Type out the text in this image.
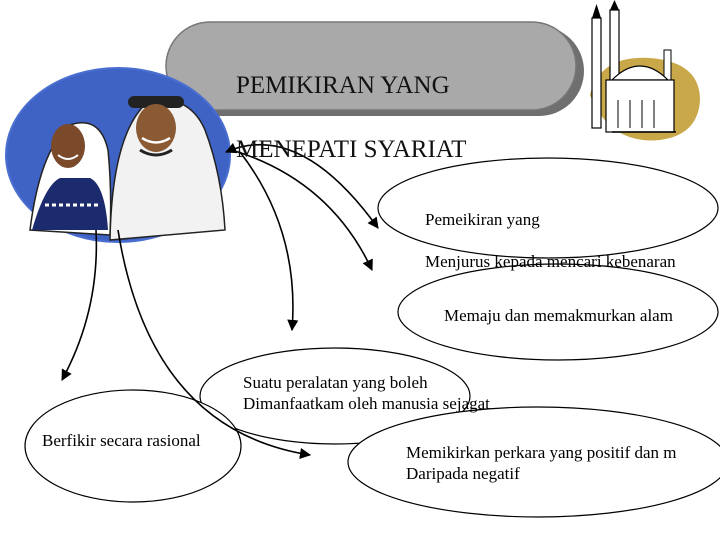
PEMIKIRAN YANG

MENEPATI SYARIAT

Pemeikiran yang

Menjurus kepada mencari kebenaran

Memaju dan memakmurkan alam
Suatu peralatan yang boleh
Dimanfaatkam oleh manusia sejagat
Berfikir secara rasional
Memikirkan perkara yang positif dan m
Daripada negatif
